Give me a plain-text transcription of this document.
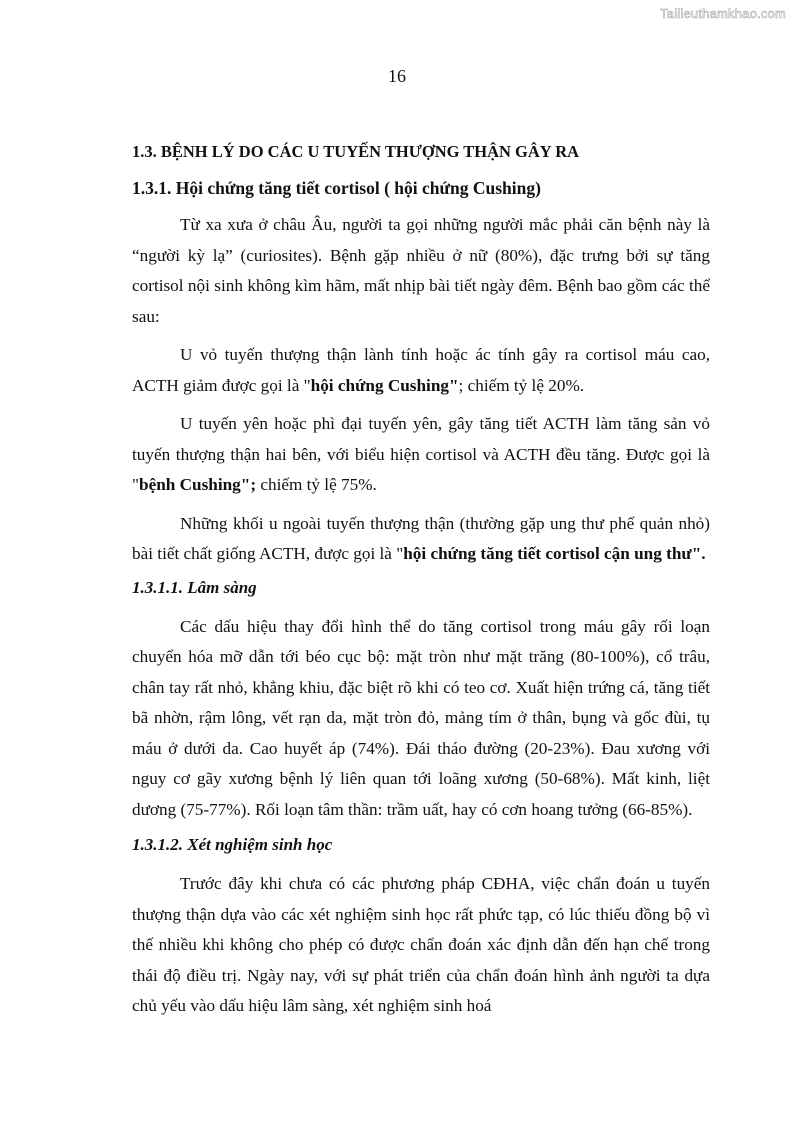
Tailieuthamkhao.com
16
1.3. BỆNH LÝ DO CÁC U TUYẾN THƯỢNG THẬN GÂY RA
1.3.1. Hội chứng tăng tiết cortisol ( hội chứng Cushing)

Từ xa xưa ở châu Âu, người ta gọi những người mắc phải căn bệnh này là “người kỳ lạ” (curiosites). Bệnh gặp nhiều ở nữ (80%), đặc trưng bởi sự tăng cortisol nội sinh không kìm hãm, mất nhịp bài tiết ngày đêm. Bệnh bao gồm các thể sau:

U vỏ tuyến thượng thận lành tính hoặc ác tính gây ra cortisol máu cao, ACTH giảm được gọi là "hội chứng Cushing"; chiếm tỷ lệ 20%.

U tuyến yên hoặc phì đại tuyến yên, gây tăng tiết ACTH làm tăng sản vỏ tuyến thượng thận hai bên, với biểu hiện cortisol và ACTH đều tăng. Được gọi là "bệnh Cushing"; chiếm tỷ lệ 75%.

Những khối u ngoài tuyến thượng thận (thường gặp ung thư phế quản nhỏ) bài tiết chất giống ACTH, được gọi là "hội chứng tăng tiết cortisol cận ung thư".

1.3.1.1. Lâm sàng

Các dấu hiệu thay đổi hình thể do tăng cortisol trong máu gây rối loạn chuyển hóa mỡ dẫn tới béo cục bộ: mặt tròn như mặt trăng (80-100%), cổ trâu, chân tay rất nhỏ, khẳng khiu, đặc biệt rõ khi có teo cơ. Xuất hiện trứng cá, tăng tiết bã nhờn, rậm lông, vết rạn da, mặt tròn đỏ, mảng tím ở thân, bụng và gốc đùi, tụ máu ở dưới da. Cao huyết áp (74%). Đái tháo đường (20-23%). Đau xương với nguy cơ gãy xương bệnh lý liên quan tới loãng xương (50-68%). Mất kinh, liệt dương (75-77%). Rối loạn tâm thần: trầm uất, hay có cơn hoang tưởng (66-85%).

1.3.1.2. Xét nghiệm sinh học

Trước đây khi chưa có các phương pháp CĐHA, việc chẩn đoán u tuyến thượng thận dựa vào các xét nghiệm sinh học rất phức tạp, có lúc thiếu đồng bộ vì thế nhiều khi không cho phép có được chẩn đoán xác định dẫn đến hạn chế trong thái độ điều trị. Ngày nay, với sự phát triển của chẩn đoán hình ảnh người ta dựa chủ yếu vào dấu hiệu lâm sàng, xét nghiệm sinh hoá
